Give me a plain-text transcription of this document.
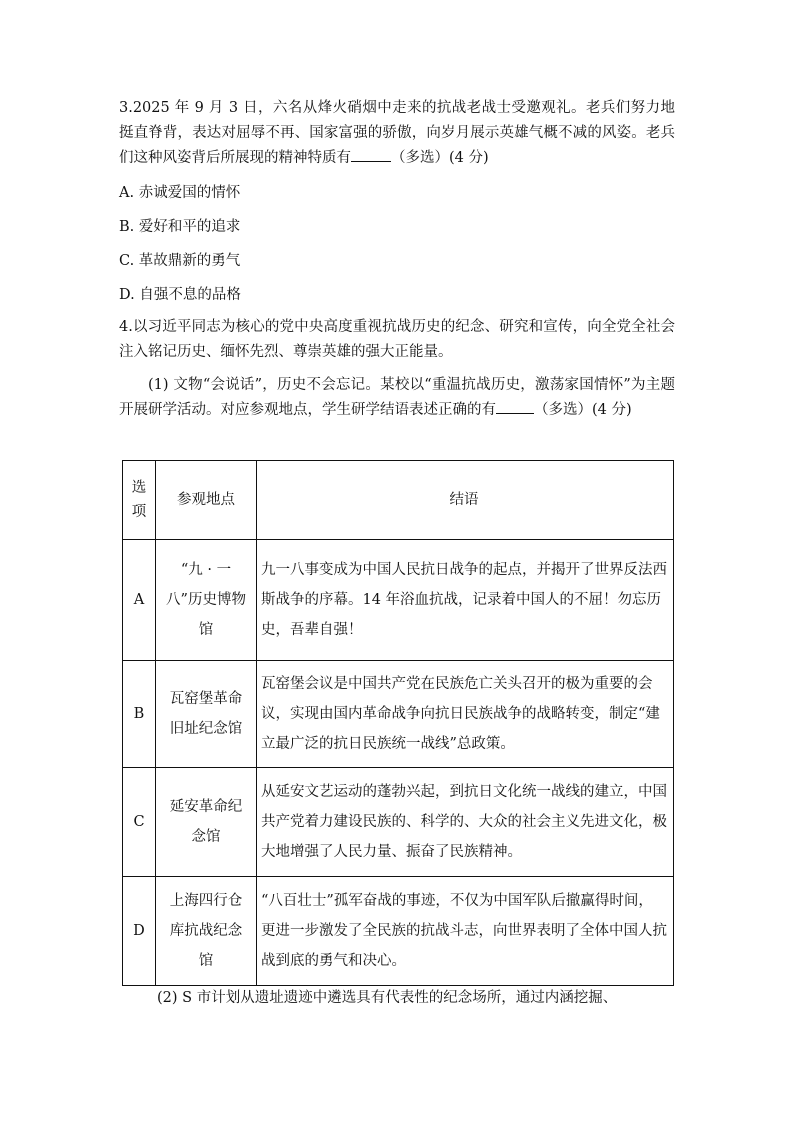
3.2025 年 9 月 3 日，六名从烽火硝烟中走来的抗战老战士受邀观礼。老兵们努力地挺直脊背，表达对屈辱不再、国家富强的骄傲，向岁月展示英雄气概不减的风姿。老兵们这种风姿背后所展现的精神特质有	（多选）(4 分)

A. 赤诚爱国的情怀
B. 爱好和平的追求
C. 革故鼎新的勇气
D. 自强不息的品格

4.以习近平同志为核心的党中央高度重视抗战历史的纪念、研究和宣传，向全党全社会注入铭记历史、缅怀先烈、尊崇英雄的强大正能量。

(1) 文物“会说话”，历史不会忘记。某校以“重温抗战历史，激荡家国情怀”为主题开展研学活动。对应参观地点，学生研学结语表述正确的有	（多选）(4 分)

选项	参观地点	结语
A	“九 · 一八”历史博物馆	九一八事变成为中国人民抗日战争的起点，并揭开了世界反法西斯战争的序幕。14 年浴血抗战，记录着中国人的不屈！勿忘历史，吾辈自强！
B	瓦窑堡革命旧址纪念馆	瓦窑堡会议是中国共产党在民族危亡关头召开的极为重要的会议，实现由国内革命战争向抗日民族战争的战略转变，制定“建立最广泛的抗日民族统一战线”总政策。
C	延安革命纪念馆	从延安文艺运动的蓬勃兴起，到抗日文化统一战线的建立，中国共产党着力建设民族的、科学的、大众的社会主义先进文化，极大地增强了人民力量、振奋了民族精神。
D	上海四行仓库抗战纪念馆	“八百壮士”孤军奋战的事迹，不仅为中国军队后撤赢得时间，更进一步激发了全民族的抗战斗志，向世界表明了全体中国人抗战到底的勇气和决心。
(2) S 市计划从遗址遗迹中遴选具有代表性的纪念场所，通过内涵挖掘、
